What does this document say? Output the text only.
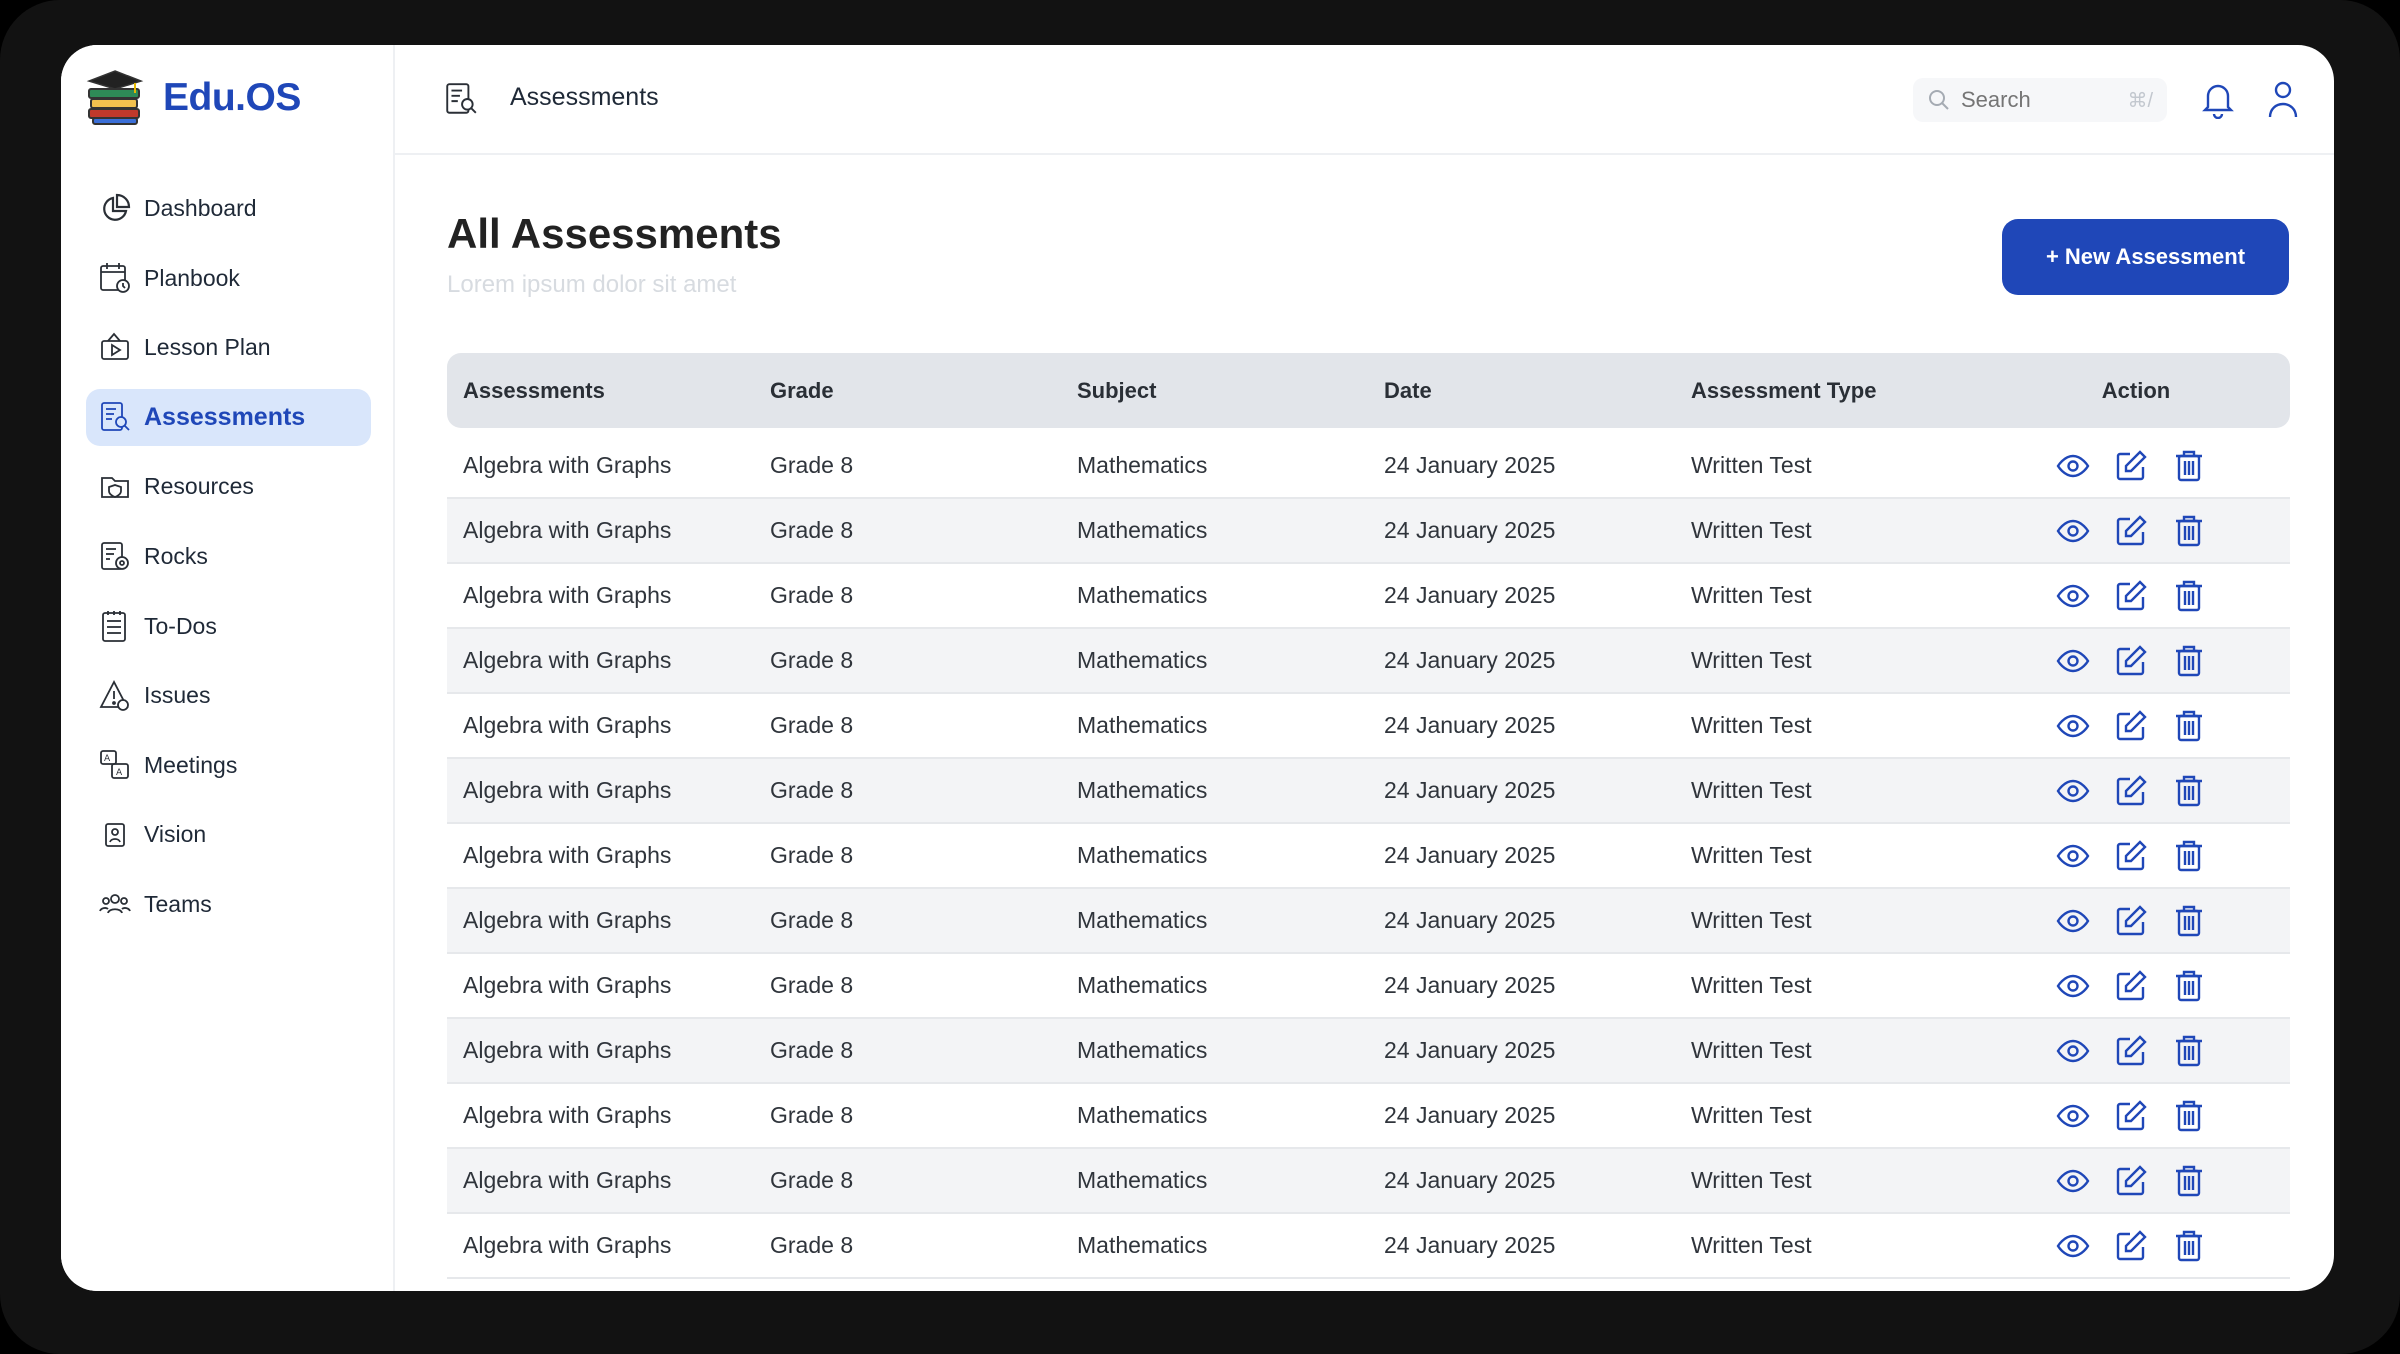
Edu.OS
Dashboard
Planbook
Lesson Plan
Assessments
Resources
Rocks
To-Dos
Issues
A
A Meetings
Vision
Teams
Assessments
Search	⌘/
All Assessments

Lorem ipsum dolor sit amet

+ New Assessment
Assessments	Grade	Subject	Date	Assessment Type	Action
Algebra with Graphs	Grade 8	Mathematics	24 January 2025	Written Test
Algebra with Graphs	Grade 8	Mathematics	24 January 2025	Written Test
Algebra with Graphs	Grade 8	Mathematics	24 January 2025	Written Test
Algebra with Graphs	Grade 8	Mathematics	24 January 2025	Written Test
Algebra with Graphs	Grade 8	Mathematics	24 January 2025	Written Test
Algebra with Graphs	Grade 8	Mathematics	24 January 2025	Written Test
Algebra with Graphs	Grade 8	Mathematics	24 January 2025	Written Test
Algebra with Graphs	Grade 8	Mathematics	24 January 2025	Written Test
Algebra with Graphs	Grade 8	Mathematics	24 January 2025	Written Test
Algebra with Graphs	Grade 8	Mathematics	24 January 2025	Written Test
Algebra with Graphs	Grade 8	Mathematics	24 January 2025	Written Test
Algebra with Graphs	Grade 8	Mathematics	24 January 2025	Written Test
Algebra with Graphs	Grade 8	Mathematics	24 January 2025	Written Test
